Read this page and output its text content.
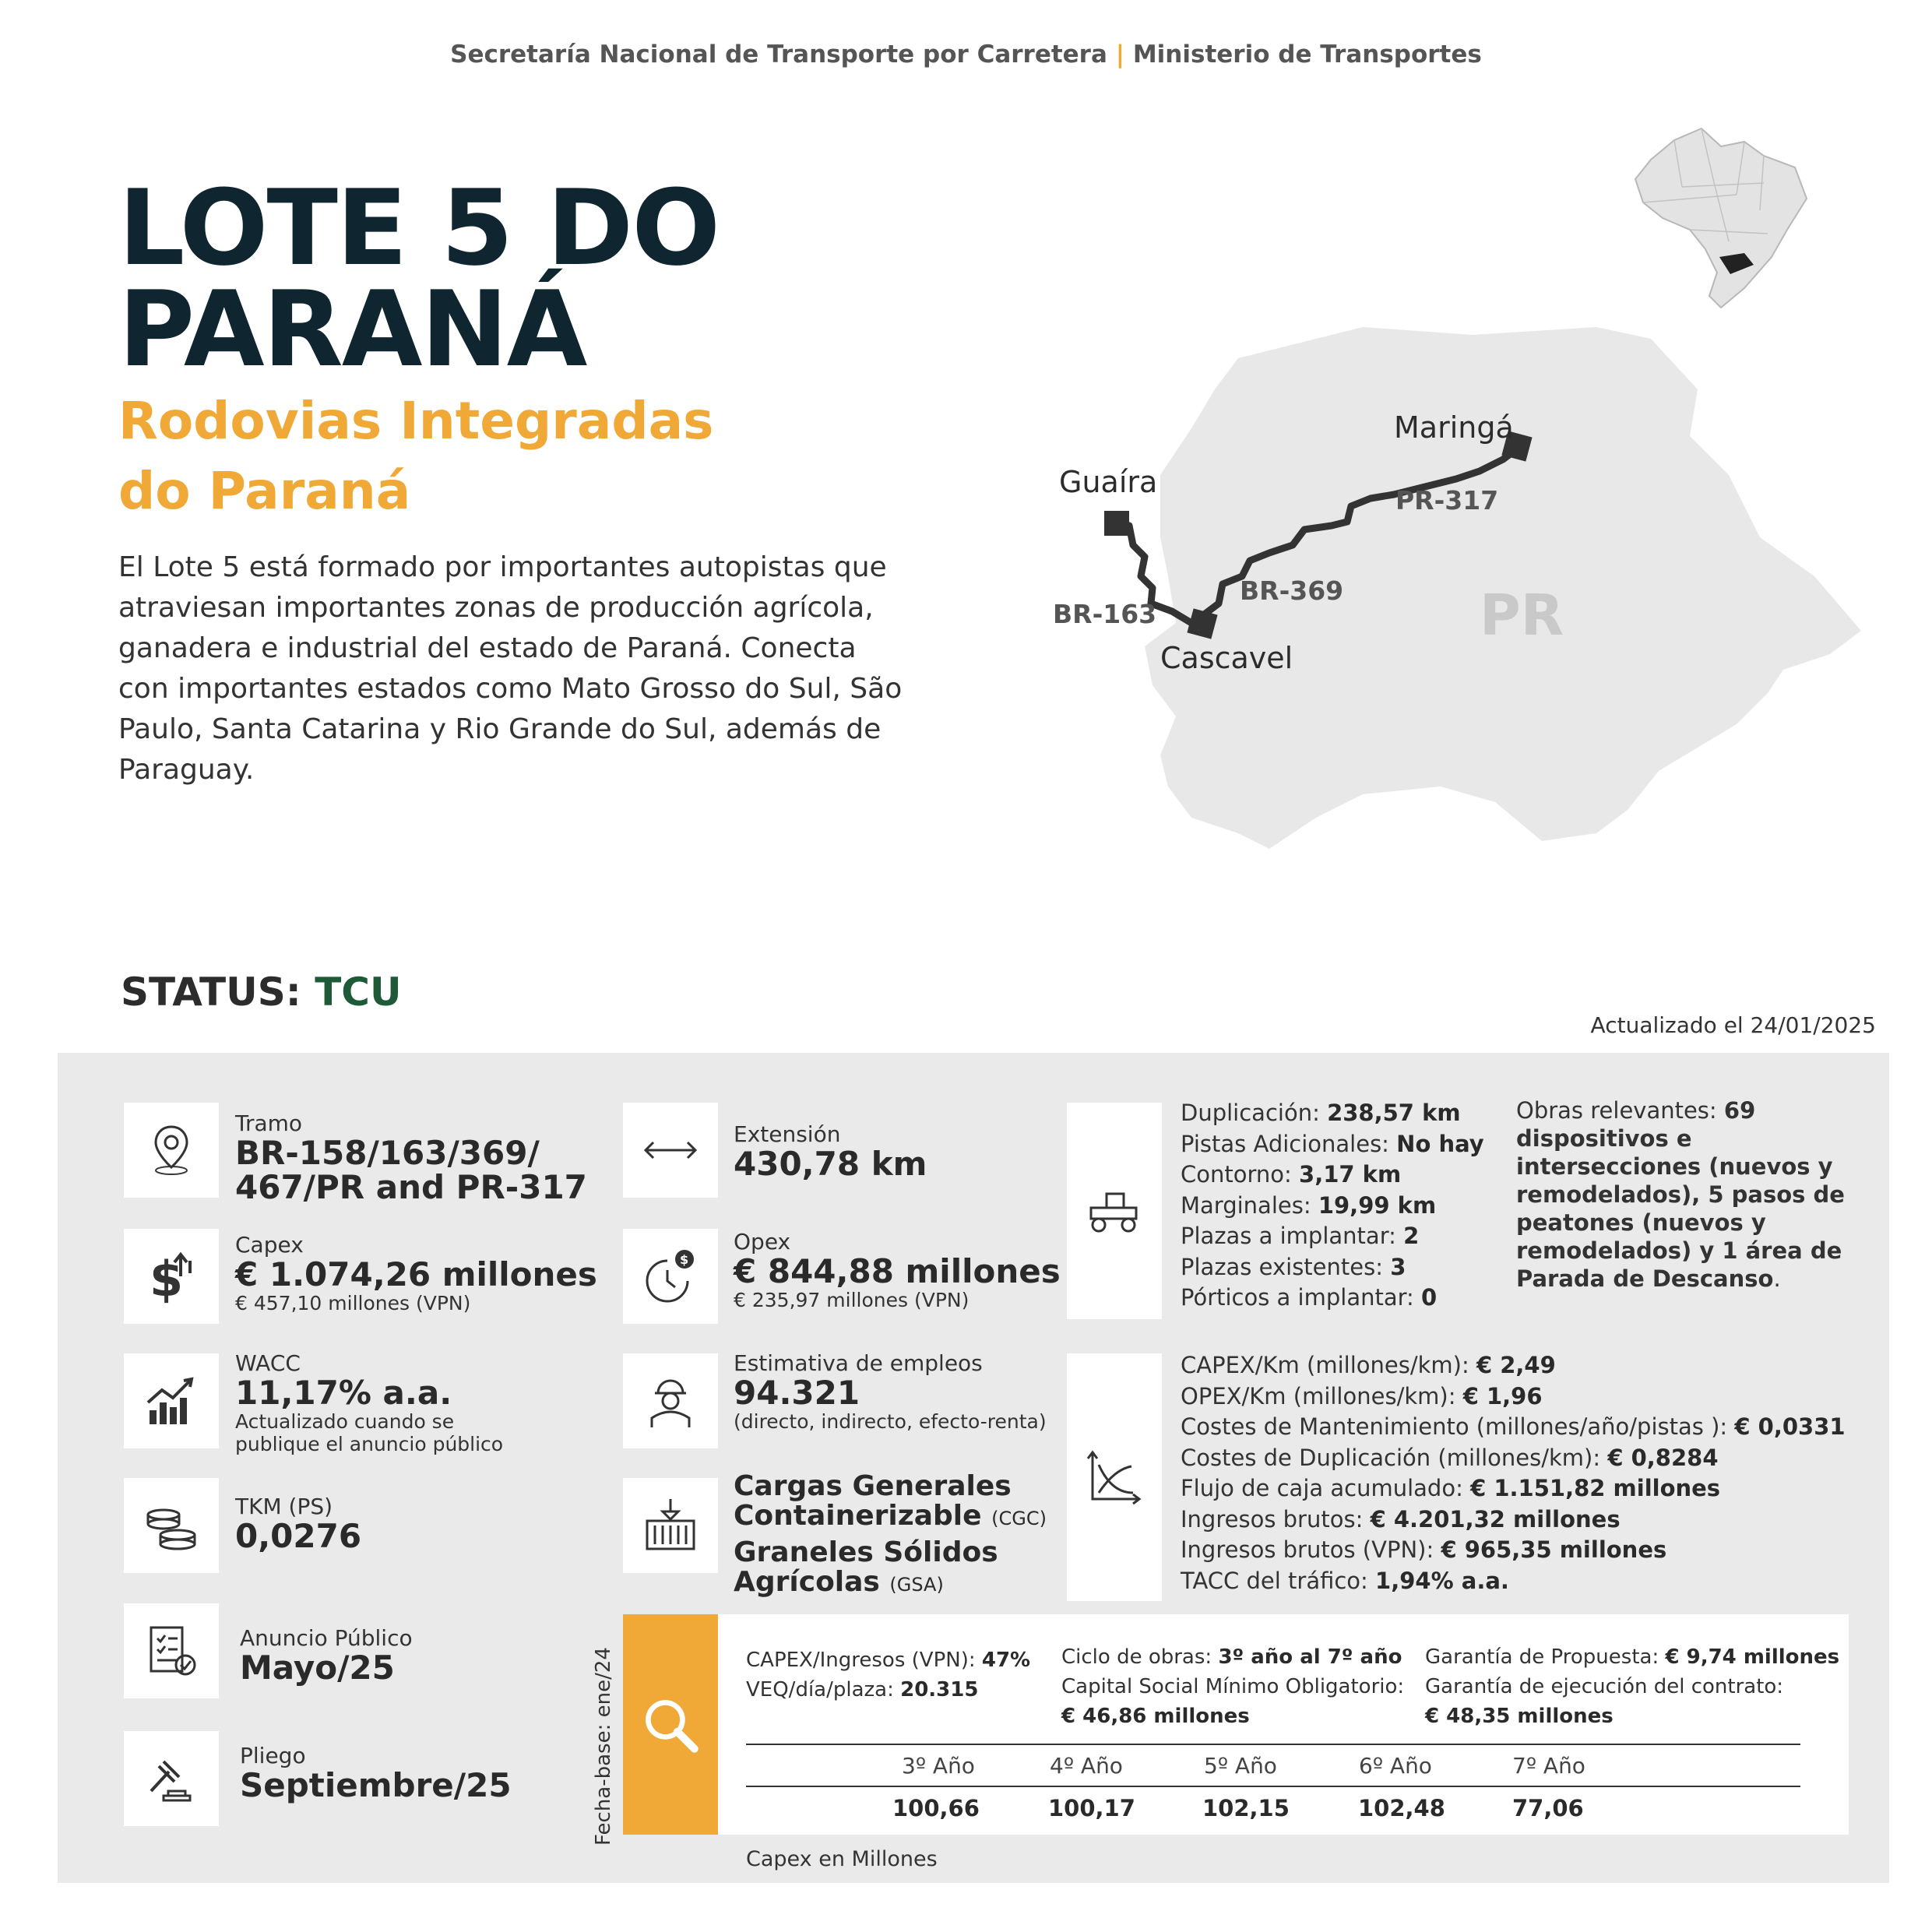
Secretaría Nacional de Transporte por Carretera | Ministerio de Transportes
LOTE 5 DO
PARANÁ
Rodovias Integradas
do Paraná
El Lote 5 está formado por importantes autopistas que atraviesan importantes zonas de producción agrícola, ganadera e industrial del estado de Paraná. Conecta con importantes estados como Mato Grosso do Sul, São Paulo, Santa Catarina y Rio Grande do Sul, además de Paraguay.
Maringá
Guaíra
Cascavel
PR-317
BR-369
BR-163	PR
STATUS: TCU
Actualizado el 24/01/2025
Tramo
BR-158/163/369/
467/PR and PR-317
$
Capex
€ 1.074,26 millones
€ 457,10 millones (VPN)
WACC
11,17% a.a.
Actualizado cuando se
publique el anuncio público
TKM (PS)
0,0276
Anuncio Público
Mayo/25
Pliego
Septiembre/25
Extensión
430,78 km
$
Opex
€ 844,88 millones
€ 235,97 millones (VPN)
Estimativa de empleos
94.321
(directo, indirecto, efecto-renta)
Cargas Generales
Containerizable (CGC)
Graneles Sólidos
Agrícolas (GSA)
Duplicación: 238,57 km
Pistas Adicionales: No hay
Contorno: 3,17 km
Marginales: 19,99 km
Plazas a implantar: 2
Plazas existentes: 3
Pórticos a implantar: 0
Obras relevantes: 69 dispositivos e intersecciones (nuevos y remodelados), 5 pasos de peatones (nuevos y remodelados) y 1 área de Parada de Descanso.
CAPEX/Km (millones/km): € 2,49
OPEX/Km (millones/km): € 1,96
Costes de Mantenimiento (millones/año/pistas ): € 0,0331
Costes de Duplicación (millones/km): € 0,8284
Flujo de caja acumulado: € 1.151,82 millones
Ingresos brutos: € 4.201,32 millones
Ingresos brutos (VPN): € 965,35 millones
TACC del tráfico: 1,94% a.a.
CAPEX/Ingresos (VPN): 47%
VEQ/día/plaza: 20.315
Ciclo de obras: 3º año al 7º año
Capital Social Mínimo Obligatorio:
€ 46,86 millones
Garantía de Propuesta: € 9,74 millones
Garantía de ejecución del contrato:
€ 48,35 millones
3º Año	4º Año	5º Año	6º Año	7º Año
100,66	100,17	102,15	102,48	77,06
Fecha-base: ene/24
Capex en Millones
